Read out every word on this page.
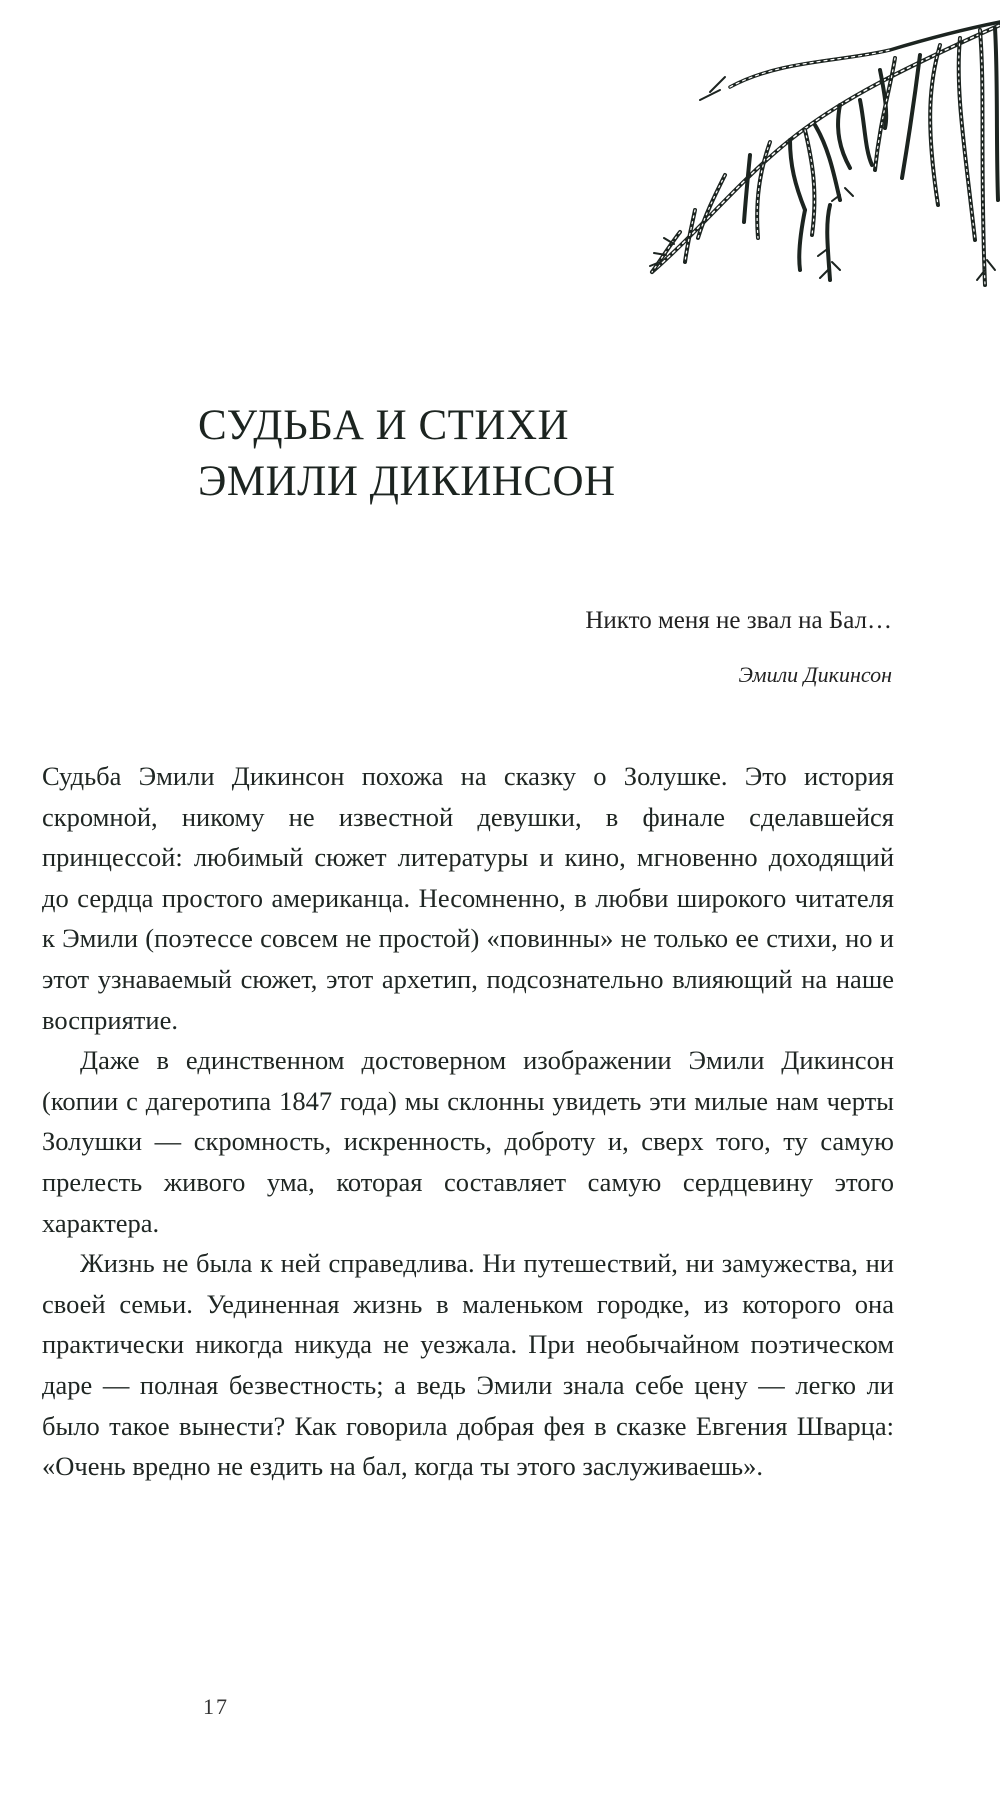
СУДЬБА И СТИХИ
ЭМИЛИ ДИКИНСОН
Никто меня не звал на Бал…
Эмили Дикинсон

Судьба Эмили Дикинсон похожа на сказку о Золушке. Это история скромной, никому не известной девушки, в финале сделавшейся принцессой: любимый сюжет литературы и кино, мгновенно доходящий до сердца простого американца. Несомненно, в любви широкого читателя к Эмили (поэтессе совсем не простой) «повинны» не только ее стихи, но и этот узнаваемый сюжет, этот архетип, подсознательно влияющий на наше восприятие.

Даже в единственном достоверном изображении Эмили Дикинсон (копии с дагеротипа 1847 года) мы склонны увидеть эти милые нам черты Золушки — скромность, искренность, доброту и, сверх того, ту самую прелесть живого ума, которая составляет самую сердцевину этого характера.

Жизнь не была к ней справедлива. Ни путешествий, ни замужества, ни своей семьи. Уединенная жизнь в маленьком городке, из которого она практически никогда никуда не уезжала. При необычайном поэтическом даре — полная безвестность; а ведь Эмили знала себе цену — легко ли было такое вынести? Как говорила добрая фея в сказке Евгения Шварца: «Очень вредно не ездить на бал, когда ты этого заслуживаешь».

17
